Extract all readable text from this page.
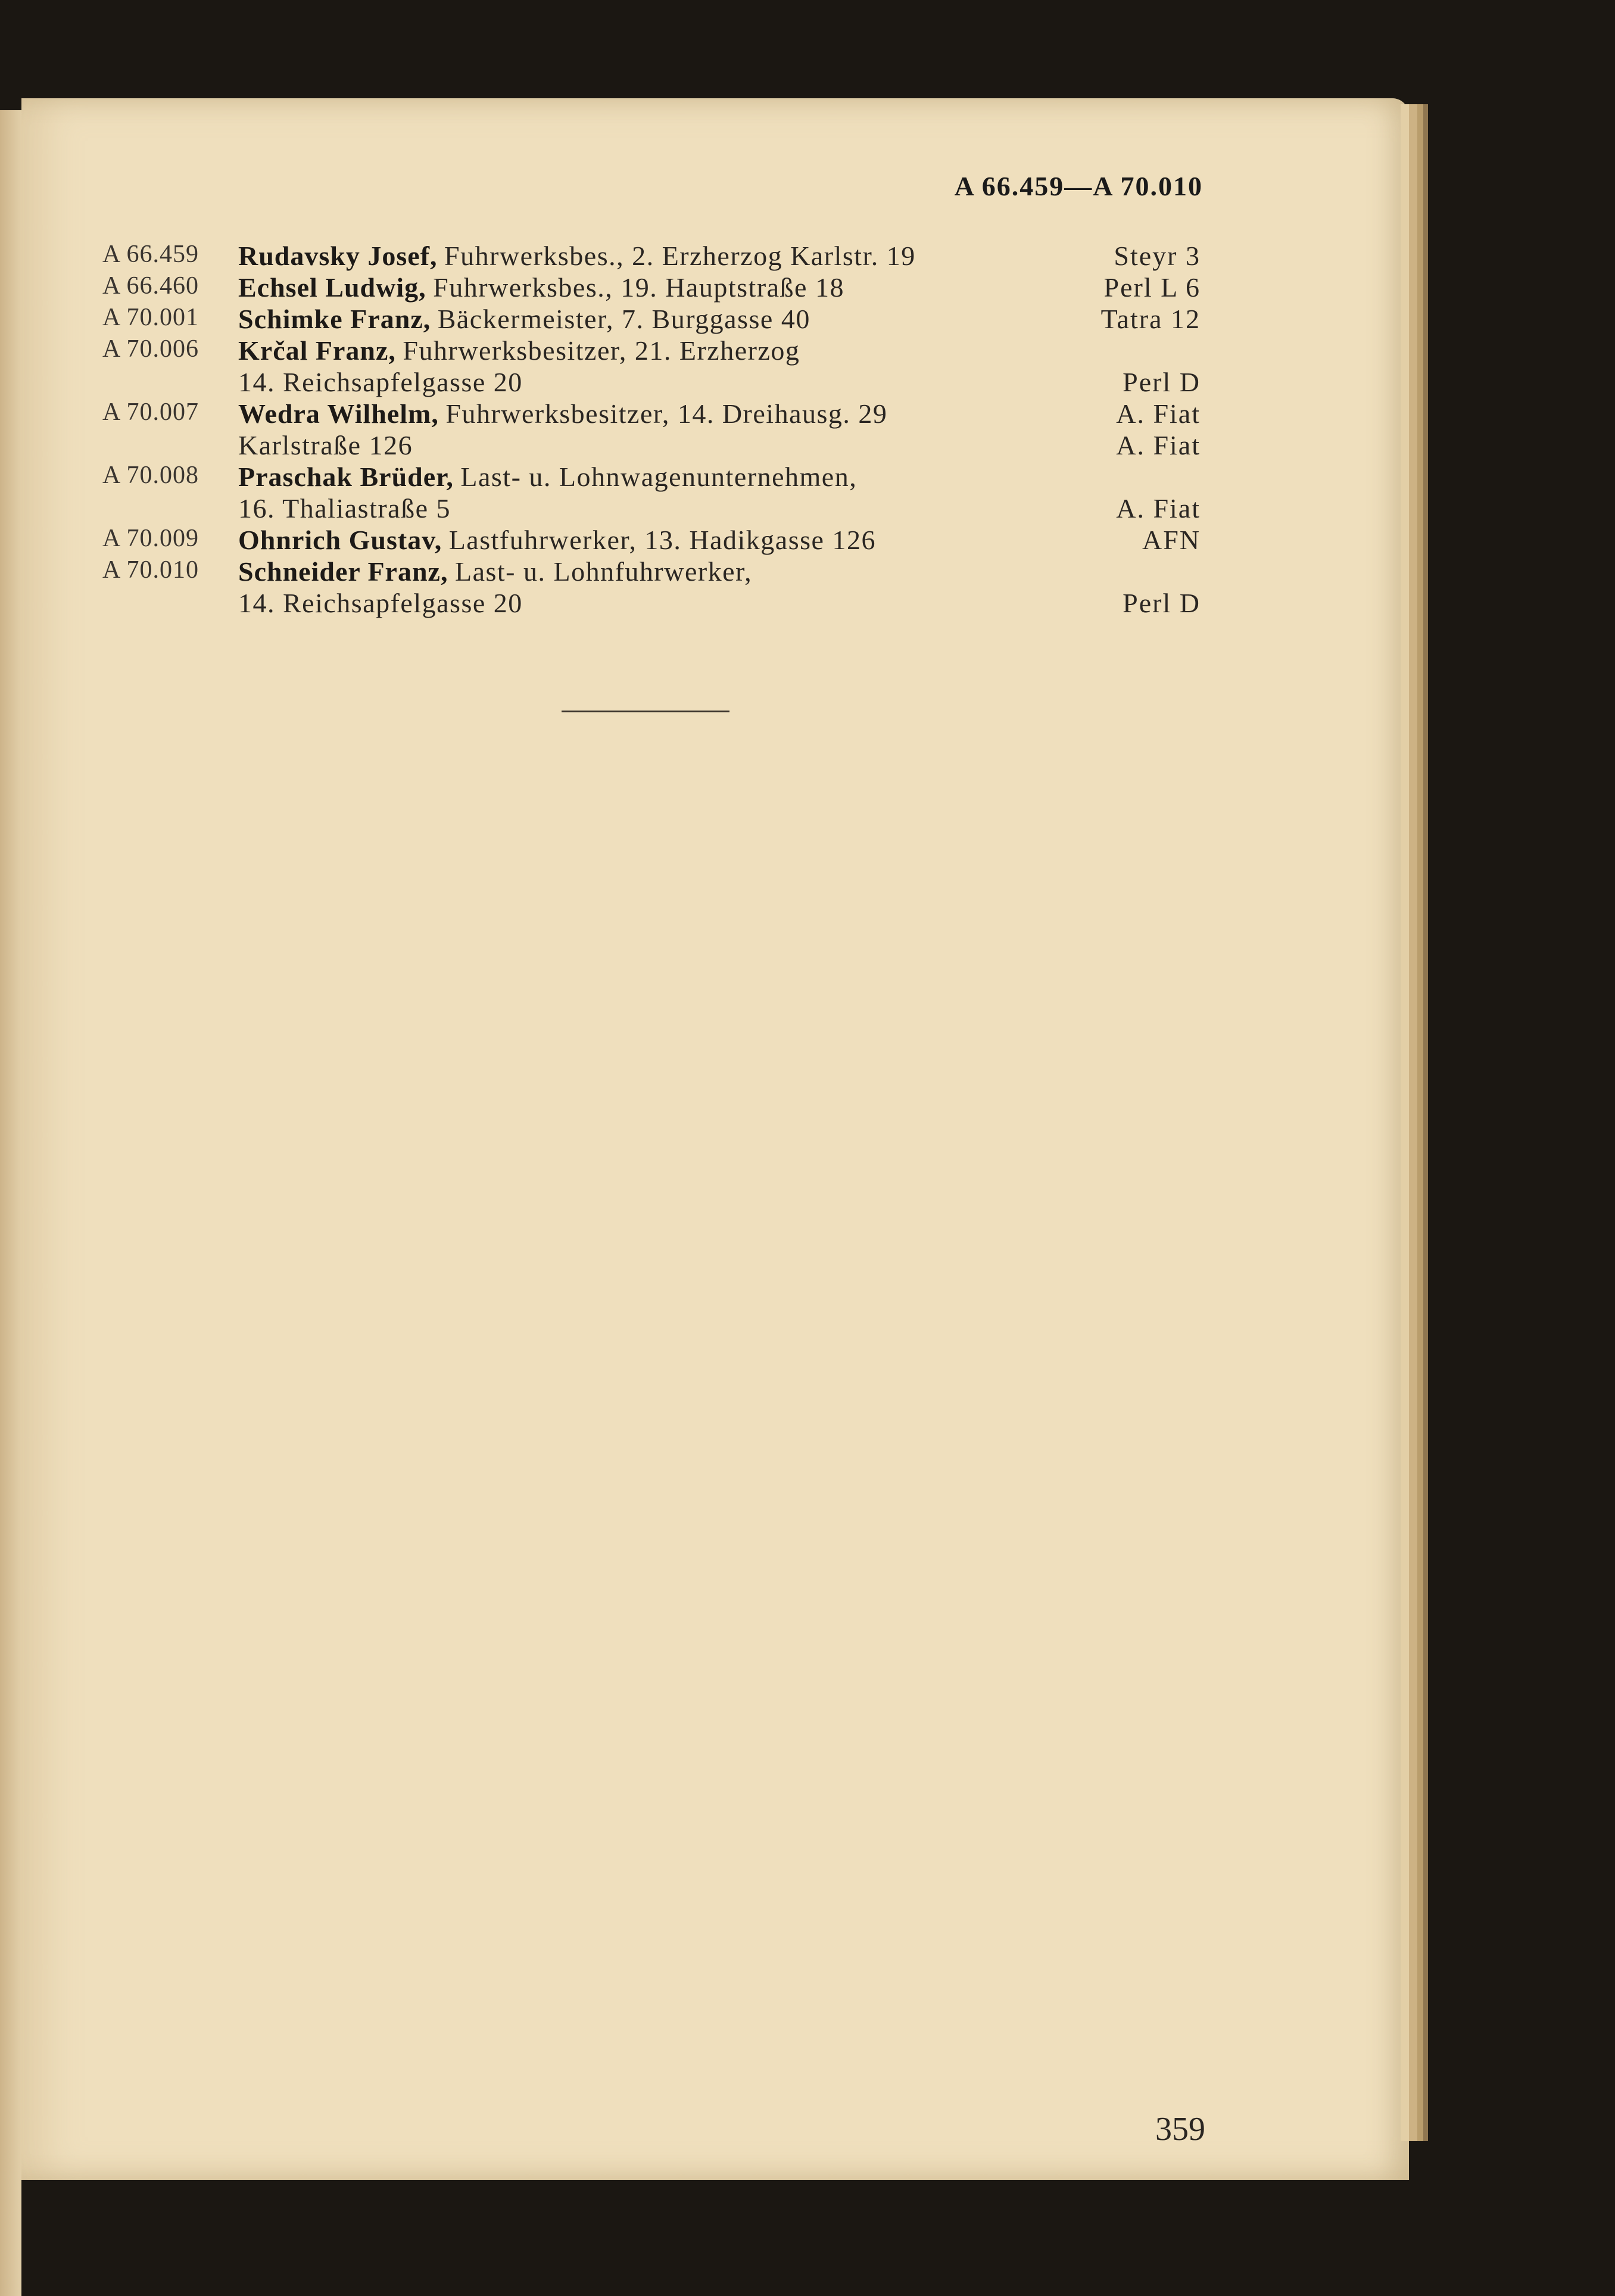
A 66.459—A 70.010
A 66.459 Rudavsky Josef, Fuhrwerksbes., 2. Erzherzog Karlstr. 19	Steyr 3
A 66.460 Echsel Ludwig, Fuhrwerksbes., 19. Hauptstraße 18	Perl L 6
A 70.001 Schimke Franz, Bäckermeister, 7. Burggasse 40	Tatra 12
A 70.006 Krčal Franz, Fuhrwerksbesitzer, 21. Erzherzog
14. Reichsapfelgasse 20	Perl D
A 70.007 Wedra Wilhelm, Fuhrwerksbesitzer, 14. Dreihausg. 29	A. Fiat
Karlstraße 126	A. Fiat
A 70.008 Praschak Brüder, Last- u. Lohnwagenunternehmen,
16. Thaliastraße 5	A. Fiat
A 70.009 Ohnrich Gustav, Lastfuhrwerker, 13. Hadikgasse 126	AFN
A 70.010 Schneider Franz, Last- u. Lohnfuhrwerker,
14. Reichsapfelgasse 20	Perl D
359
